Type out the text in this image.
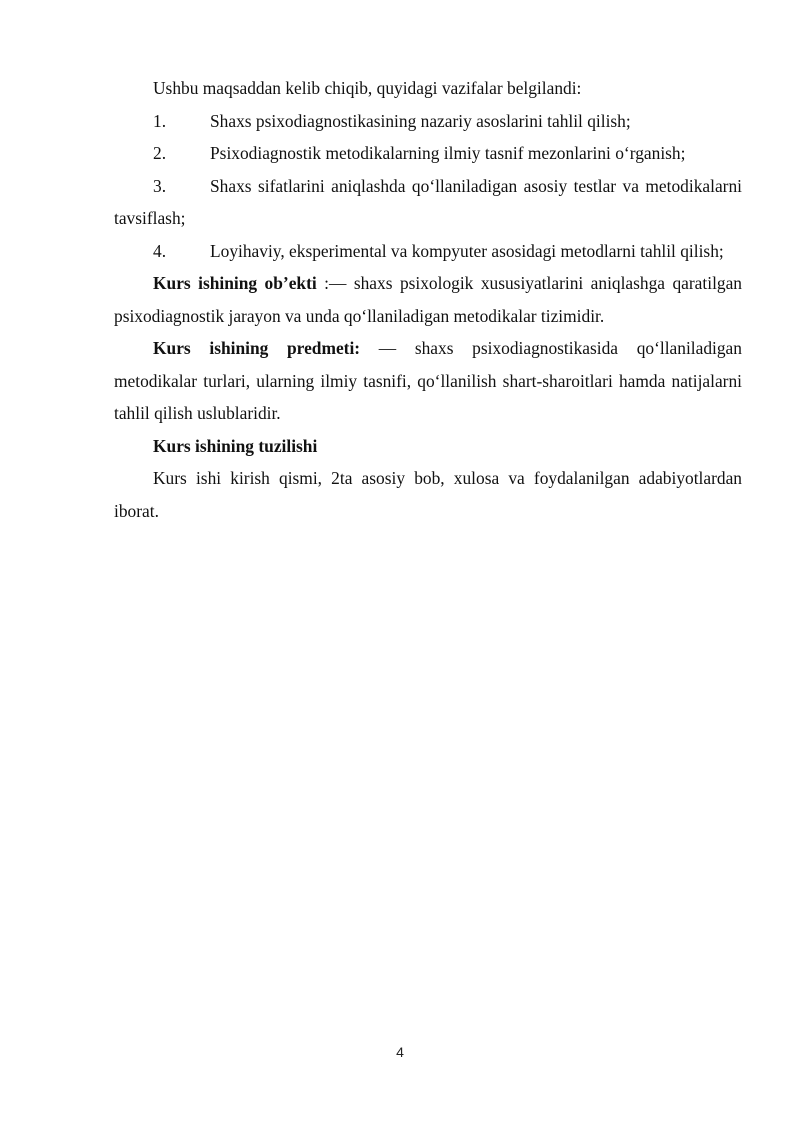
Ushbu maqsaddan kelib chiqib, quyidagi vazifalar belgilandi:

1.	Shaxs psixodiagnostikasining nazariy asoslarini tahlil qilish;

2.	Psixodiagnostik metodikalarning ilmiy tasnif mezonlarini o‘rganish;

3.	Shaxs sifatlarini aniqlashda qo‘llaniladigan asosiy testlar va metodikalarni tavsiflash;

4.	Loyihaviy, eksperimental va kompyuter asosidagi metodlarni tahlil qilish;

Kurs ishining ob’ekti :— shaxs psixologik xususiyatlarini aniqlashga qaratilgan psixodiagnostik jarayon va unda qo‘llaniladigan metodikalar tizimidir.

Kurs ishining predmeti: — shaxs psixodiagnostikasida qo‘llaniladigan metodikalar turlari, ularning ilmiy tasnifi, qo‘llanilish shart-sharoitlari hamda natijalarni tahlil qilish uslublaridir.

Kurs ishining tuzilishi

Kurs ishi kirish qismi, 2ta asosiy bob, xulosa va foydalanilgan adabiyotlardan iborat.

4
